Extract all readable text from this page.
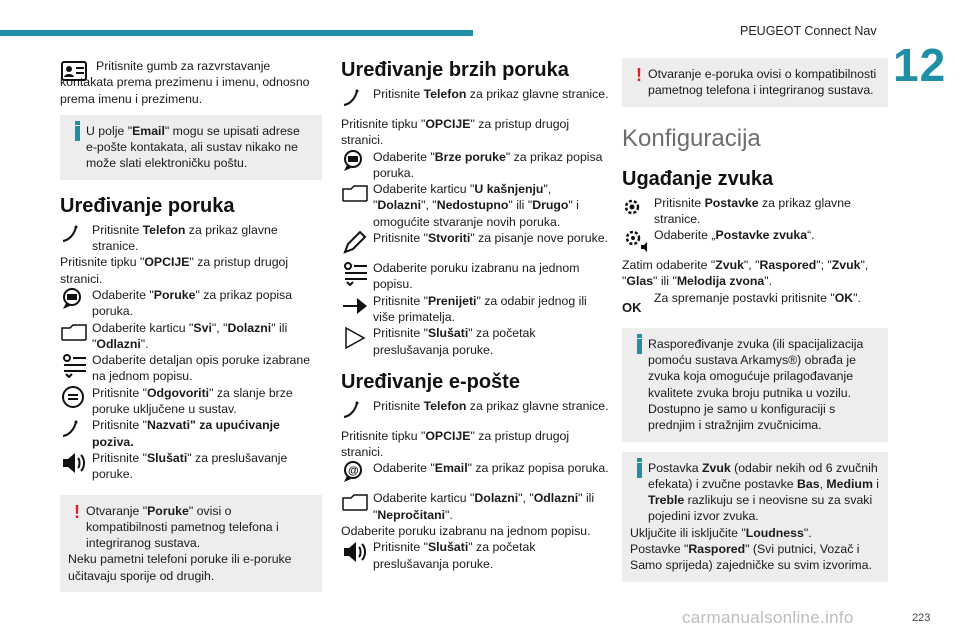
PEUGEOT Connect Nav
12

Pritisnite gumb za razvrstavanje kontakata prema prezimenu i imenu, odnosno prema imenu i prezimenu.

U polje "Email" mogu se upisati adrese e-pošte kontakata, ali sustav nikako ne može slati elektroničku poštu.
Uređivanje poruka
Pritisnite Telefon za prikaz glavne stranice.

Pritisnite tipku "OPCIJE" za pristup drugoj stranici.

Odaberite "Poruke" za prikaz popisa poruka.
Odaberite karticu "Svi", "Dolazni" ili "Odlazni".
Odaberite detaljan opis poruke izabrane na jednom popisu.
Pritisnite "Odgovoriti" za slanje brze poruke uključene u sustav.
Pritisnite "Nazvati" za upućivanje poziva.
Pritisnite "Slušati" za preslušavanje poruke.
! Otvaranje "Poruke" ovisi o kompatibilnosti pametnog telefona i integriranog sustava.
Neku pametni telefoni poruke ili e-poruke učitavaju sporije od drugih.
Uređivanje brzih poruka
Pritisnite Telefon za prikaz glavne stranice.

Pritisnite tipku "OPCIJE" za pristup drugoj stranici.

Odaberite "Brze poruke" za prikaz popisa poruka.
Odaberite karticu "U kašnjenju", "Dolazni", "Nedostupno" ili "Drugo" i omogućite stvaranje novih poruka.
Pritisnite "Stvoriti" za pisanje nove poruke.
Odaberite poruku izabranu na jednom popisu.
Pritisnite "Prenijeti" za odabir jednog ili više primatelja.
Pritisnite "Slušati" za početak preslušavanja poruke.
Uređivanje e-pošte
Pritisnite Telefon za prikaz glavne stranice.

Pritisnite tipku "OPCIJE" za pristup drugoj stranici.

@ Odaberite "Email" za prikaz popisa poruka.
Odaberite karticu "Dolazni", "Odlazni" ili "Nepročitani".

Odaberite poruku izabranu na jednom popisu.

Pritisnite "Slušati" za početak preslušavanja poruke.
! Otvaranje e-poruka ovisi o kompatibilnosti pametnog telefona i integriranog sustava.
Konfiguracija
Ugađanje zvuka
Pritisnite Postavke za prikaz glavne stranice.
Odaberite „Postavke zvuka“.

Zatim odaberite "Zvuk", "Raspored"; "Zvuk", "Glas" ili "Melodija zvona".

OK
Za spremanje postavki pritisnite "OK".
Raspoređivanje zvuka (ili spacijalizacija pomoću sustava Arkamys®) obrađa je zvuka koja omogućuje prilagođavanje kvalitete zvuka broju putnika u vozilu. Dostupno je samo u konfiguraciji s prednjim i stražnjim zvučnicima.
Postavka Zvuk (odabir nekih od 6 zvučnih efekata) i zvučne postavke Bas, Medium i Treble razlikuju se i neovisne su za svaki pojedini izvor zvuka.
Uključite ili isključite "Loudness".
Postavke "Raspored" (Svi putnici, Vozač i Samo sprijeda) zajedničke su svim izvorima.
carmanualsonline.info	223
